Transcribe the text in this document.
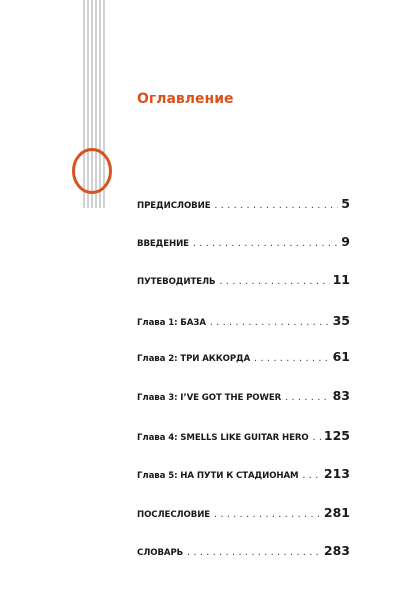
Оглавление
ПРЕДИСЛОВИЕ . . .	5
ВВЕДЕНИЕ . . .	9
ПУТЕВОДИТЕЛЬ . . .	11
Глава 1: БАЗА . . .	35
Глава 2: ТРИ АККОРДА . . .	61
Глава 3: I’VE GOT THE POWER . . .	83
Глава 4: SMELLS LIKE GUITAR HERO . . . 125
Глава 5: НА ПУТИ К СТАДИОНАМ . . . 213
ПОСЛЕСЛОВИЕ . . .	281
СЛОВАРЬ . . .	283
